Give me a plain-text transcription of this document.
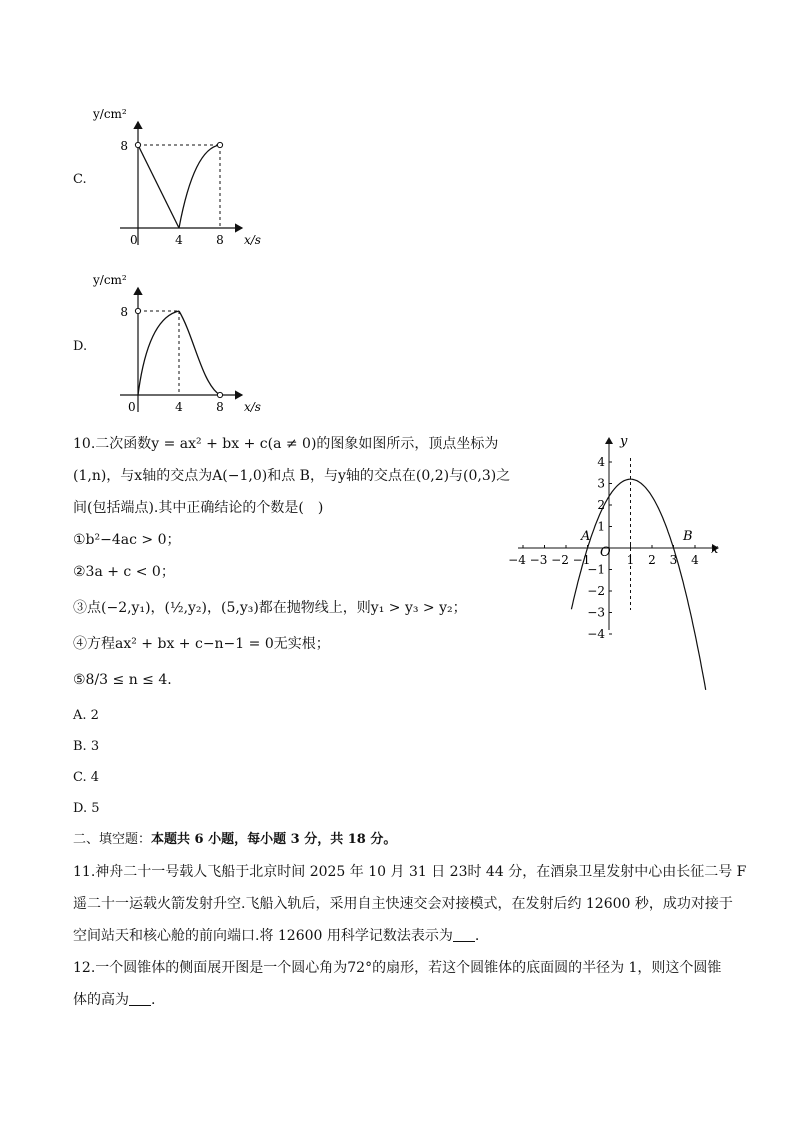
C.
y/cm²
8
0	4	8 x/s
D.
y/cm²
8
0	4	8 x/s
10.二次函数y = ax² + bx + c(a ≠ 0)的图象如图所示，顶点坐标为
(1,n)，与x轴的交点为A(−1,0)和点 B，与y轴的交点在(0,2)与(0,3)之
间(包括端点).其中正确结论的个数是(　)
①b²−4ac > 0；
②3a + c < 0；
③点(−2,y₁)，(½,y₂)，(5,y₃)都在抛物线上，则y₁ > y₃ > y₂；
④方程ax² + bx + c−n−1 = 0无实根；
⑤8/3 ≤ n ≤ 4.
A. 2
B. 3
C. 4
D. 5
−4 −3 −2 −1	1 2 3 4
4
3
2
1
−1
−2
−3
−4
y
x
O
A	B
二、填空题：本题共 6 小题，每小题 3 分，共 18 分。
11.神舟二十一号载人飞船于北京时间 2025 年 10 月 31 日 23时 44 分，在酒泉卫星发射中心由长征二号 F
遥二十一运载火箭发射升空.飞船入轨后，采用自主快速交会对接模式，在发射后约 12600 秒，成功对接于
空间站天和核心舱的前向端口.将 12600 用科学记数法表示为 .
12.一个圆锥体的侧面展开图是一个圆心角为72°的扇形，若这个圆锥体的底面圆的半径为 1，则这个圆锥
体的高为 .
